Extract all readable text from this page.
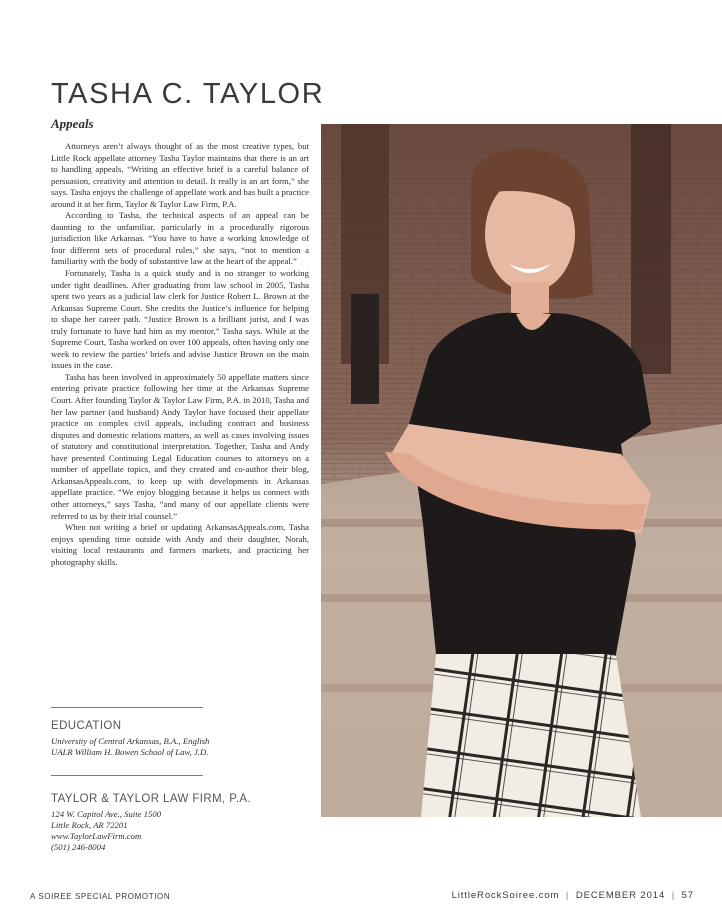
TASHA C. TAYLOR
Appeals

Attorneys aren’t always thought of as the most creative types, but Little Rock appellate attorney Tasha Taylor maintains that there is an art to handling appeals. “Writing an effective brief is a careful balance of persuasion, creativity and attention to detail. It really is an art form,” she says. Tasha enjoys the challenge of appellate work and has built a practice around it at her firm, Taylor & Taylor Law Firm, P.A.

According to Tasha, the technical aspects of an appeal can be daunting to the unfamiliar, particularly in a procedurally rigorous jurisdiction like Arkansas. “You have to have a working knowledge of four different sets of procedural rules,” she says, “not to mention a familiarity with the body of substantive law at the heart of the appeal.”

Fortunately, Tasha is a quick study and is no stranger to working under tight deadlines. After graduating from law school in 2005, Tasha spent two years as a judicial law clerk for Justice Robert L. Brown at the Arkansas Supreme Court. She credits the Justice’s influence for helping to shape her career path. “Justice Brown is a brilliant jurist, and I was truly fortunate to have had him as my mentor,” Tasha says. While at the Supreme Court, Tasha worked on over 100 appeals, often having only one week to review the parties’ briefs and advise Justice Brown on the main issues in the case.

Tasha has been involved in approximately 50 appellate matters since entering private practice following her time at the Arkansas Supreme Court. After founding Taylor & Taylor Law Firm, P.A. in 2010, Tasha and her law partner (and husband) Andy Taylor have focused their appellate practice on complex civil appeals, including contract and business disputes and domestic relations matters, as well as cases involving issues of statutory and constitutional interpretation. Together, Tasha and Andy have presented Continuing Legal Education courses to attorneys on a number of appellate topics, and they created and co-author their blog, ArkansasAppeals.com, to keep up with developments in Arkansas appellate practice. “We enjoy blogging because it helps us connect with other attorneys,” says Tasha, “and many of our appellate clients were referred to us by their trial counsel.”

When not writing a brief or updating ArkansasAppeals.com, Tasha enjoys spending time outside with Andy and their daughter, Norah, visiting local restaurants and farmers markets, and practicing her photography skills.

EDUCATION
University of Central Arkansas, B.A., English
UALR William H. Bowen School of Law, J.D.
TAYLOR & TAYLOR LAW FIRM, P.A.
124 W. Capitol Ave., Suite 1500
Little Rock, AR 72201
www.TaylorLawFirm.com
(501) 246-8004
A SOIREE SPECIAL PROMOTION	LittleRockSoiree.com | DECEMBER 2014 | 57
